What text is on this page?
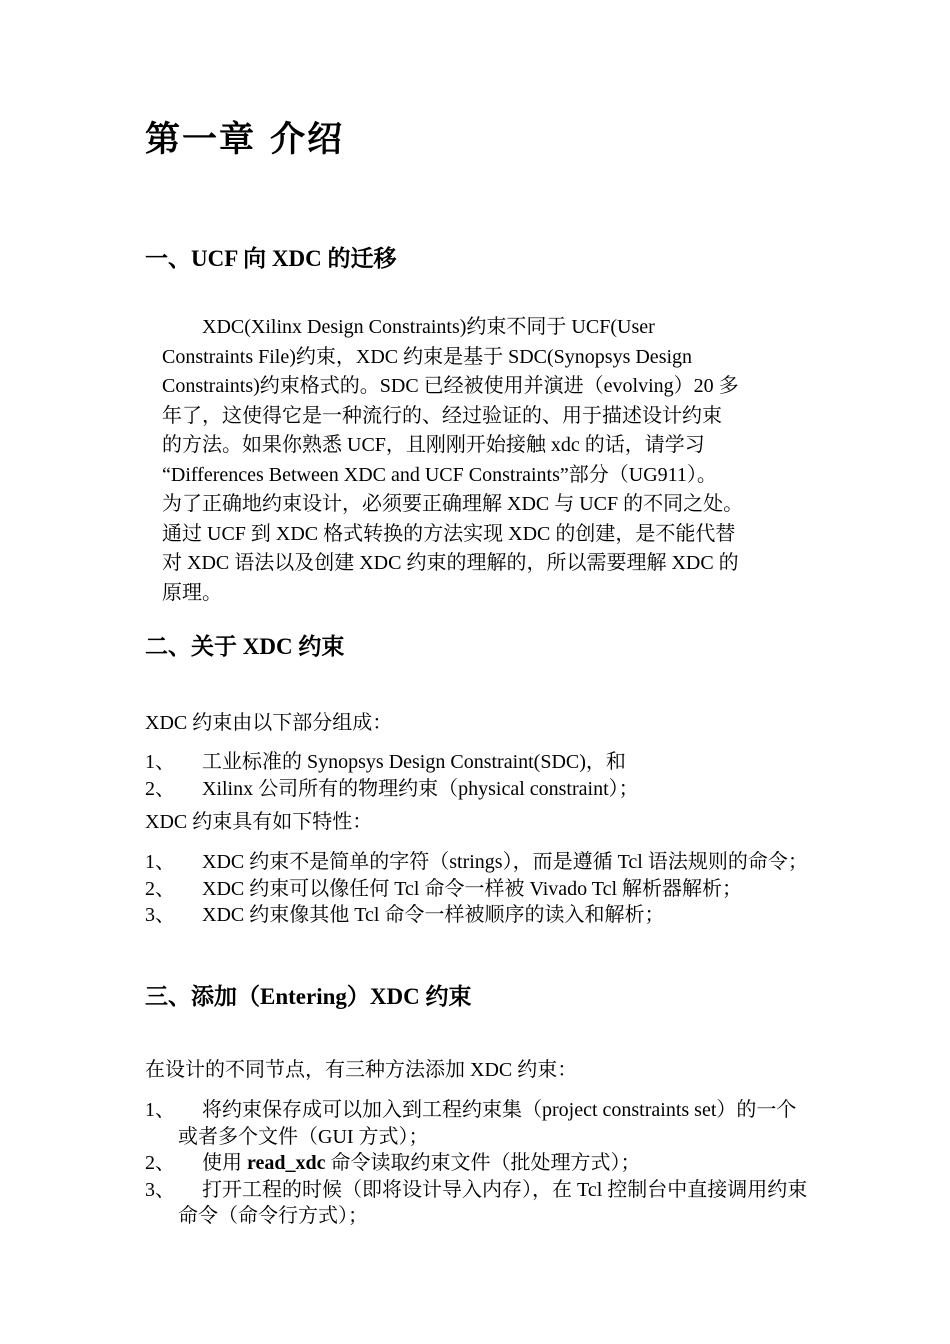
第一章 介绍
一、UCF 向 XDC 的迁移
XDC(Xilinx Design Constraints)约束不同于 UCF(User
Constraints File)约束，XDC 约束是基于 SDC(Synopsys Design
Constraints)约束格式的。SDC 已经被使用并演进（evolving）20 多
年了，这使得它是一种流行的、经过验证的、用于描述设计约束
的方法。如果你熟悉 UCF，且刚刚开始接触 xdc 的话，请学习
“Differences Between XDC and UCF Constraints”部分（UG911）。
为了正确地约束设计，必须要正确理解 XDC 与 UCF 的不同之处。
通过 UCF 到 XDC 格式转换的方法实现 XDC 的创建，是不能代替
对 XDC 语法以及创建 XDC 约束的理解的，所以需要理解 XDC 的
原理。
二、关于 XDC 约束
XDC 约束由以下部分组成：
1、	工业标准的 Synopsys Design Constraint(SDC)，和
2、	Xilinx 公司所有的物理约束（physical constraint）；
XDC 约束具有如下特性：
1、	XDC 约束不是简单的字符（strings），而是遵循 Tcl 语法规则的命令；
2、	XDC 约束可以像任何 Tcl 命令一样被 Vivado Tcl 解析器解析；
3、	XDC 约束像其他 Tcl 命令一样被顺序的读入和解析；
三、添加（Entering）XDC 约束
在设计的不同节点，有三种方法添加 XDC 约束：
1、	将约束保存成可以加入到工程约束集（project constraints set）的一个或者多个文件（GUI 方式）；
2、	使用 read_xdc 命令读取约束文件（批处理方式）；
3、	打开工程的时候（即将设计导入内存），在 Tcl 控制台中直接调用约束命令（命令行方式）；
